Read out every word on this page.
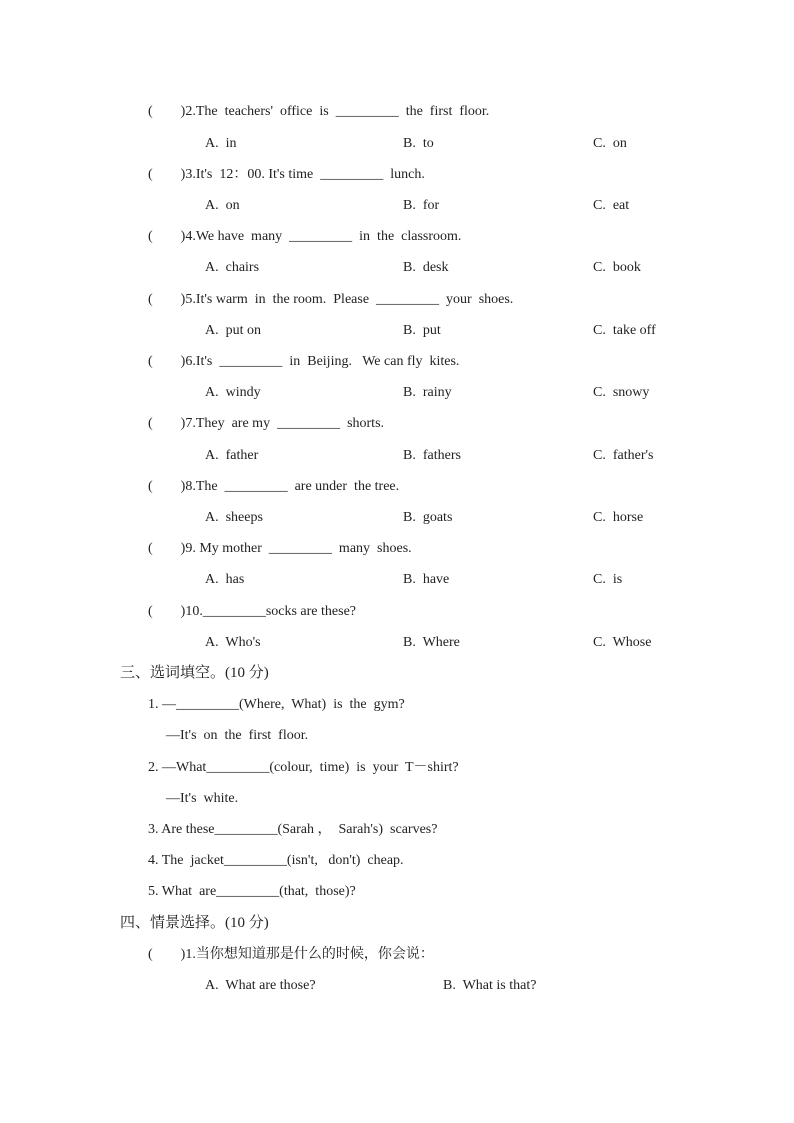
(        )2.The  teachers'  office  is  _________  the  first  floor.
A.  in	B.  to	C.  on
(        )3.It's  12：00. It's time  _________  lunch.
A.  on	B.  for	C.  eat
(        )4.We have  many  _________  in  the  classroom.
A.  chairs	B.  desk	C.  book
(        )5.It's warm  in  the room.  Please  _________  your  shoes.
A.  put on	B.  put	C.  take off
(        )6.It's  _________  in  Beijing.   We can fly  kites.
A.  windy	B.  rainy	C.  snowy
(        )7.They  are my  _________  shorts.
A.  father	B.  fathers	C.  father's
(        )8.The  _________  are under  the tree.
A.  sheeps	B.  goats	C.  horse
(        )9. My mother  _________  many  shoes.
A.  has	B.  have	C.  is
(        )10._________socks are these?
A.  Who's	B.  Where	C.  Whose
三、选词填空。(10 分)
1. —_________(Where,  What)  is  the  gym?
—It's  on  the  first  floor.
2. —What_________(colour,  time)  is  your  T－shirt?
—It's  white.
3. Are these_________(Sarah ，  Sarah's)  scarves?
4. The  jacket_________(isn't,   don't)  cheap.
5. What  are_________(that,  those)?
四、情景选择。(10 分)
(        )1.当你想知道那是什么的时候，你会说：
A.  What are those?	B.  What is that?
